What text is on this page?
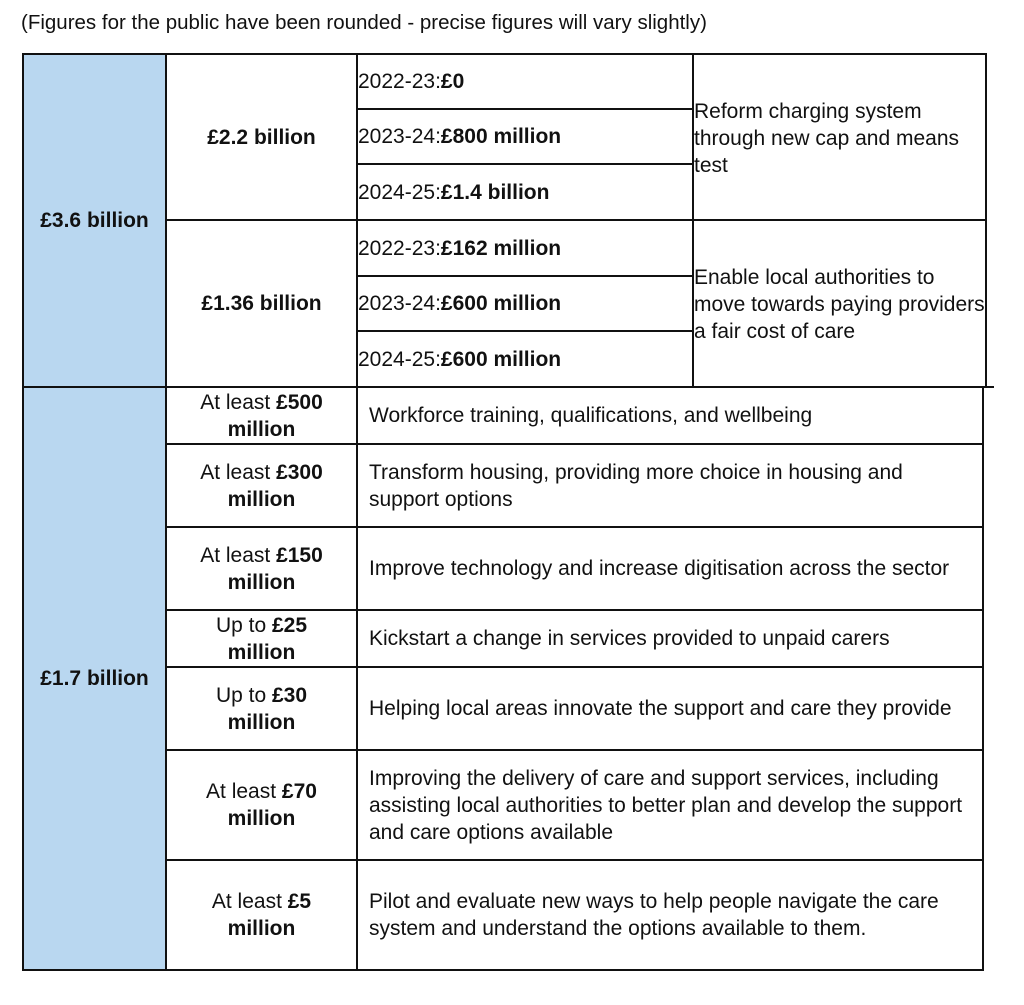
(Figures for the public have been rounded - precise figures will vary slightly)
£3.6 billion
£2.2 billion
2022-23: £0
2023-24: £800 million
2024-25: £1.4 billion
Reform charging system through new cap and means test
£1.36 billion
2022-23: £162 million
2023-24: £600 million
2024-25: £600 million
Enable local authorities to move towards paying providers a fair cost of care
£1.7 billion
At least £500
million
Workforce training, qualifications, and wellbeing
At least £300
million
Transform housing, providing more choice in housing and support options
At least £150
million
Improve technology and increase digitisation across the sector
Up to £25
million
Kickstart a change in services provided to unpaid carers
Up to £30
million
Helping local areas innovate the support and care they provide
At least £70
million
Improving the delivery of care and support services, including assisting local authorities to better plan and develop the support and care options available
At least £5
million
Pilot and evaluate new ways to help people navigate the care system and understand the options available to them.
